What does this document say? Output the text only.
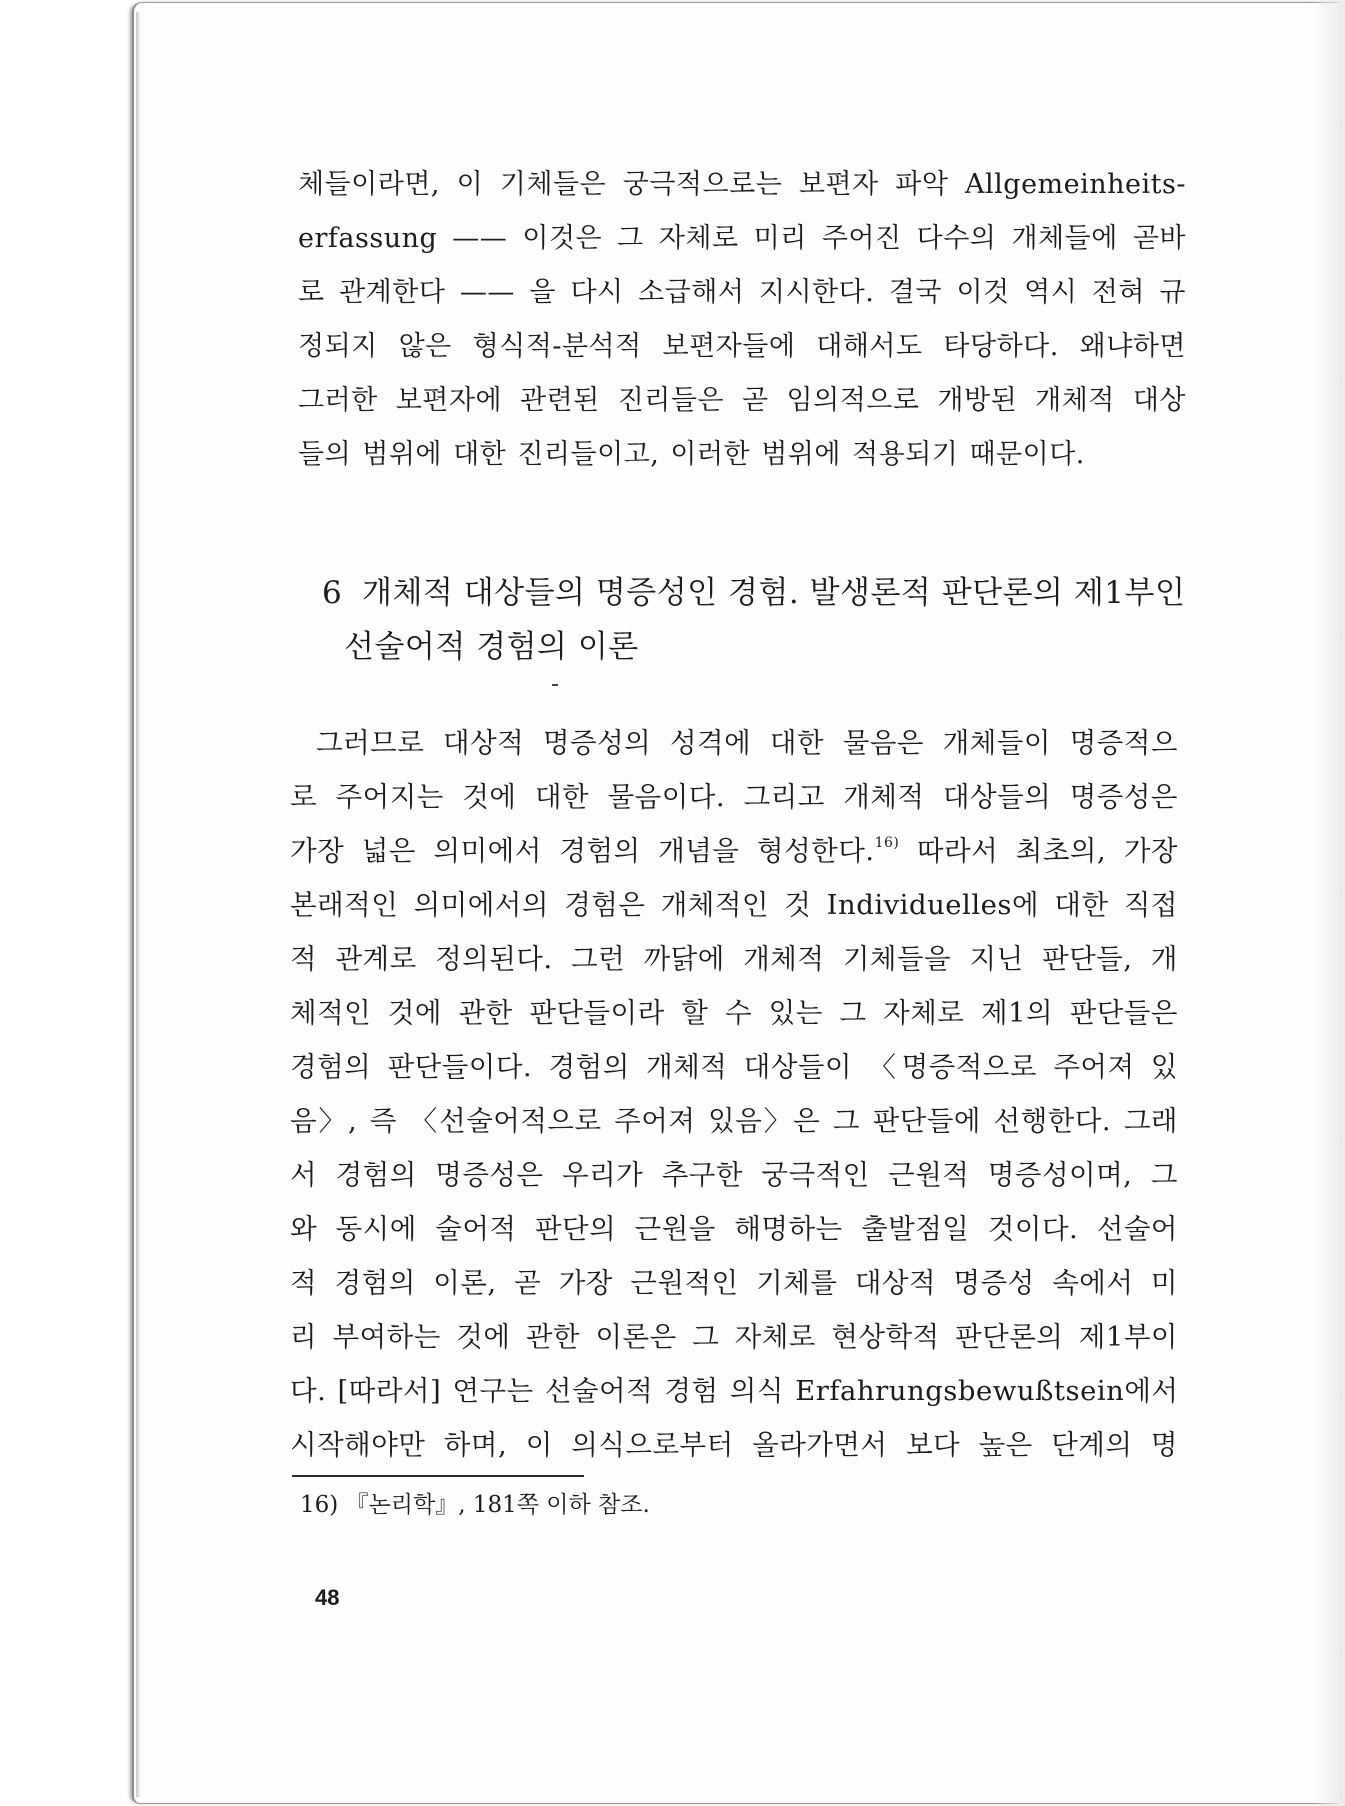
체들이라면, 이 기체들은 궁극적으로는 보편자 파악 Allgemeinheits-
erfassung —— 이것은 그 자체로 미리 주어진 다수의 개체들에 곧바
로 관계한다 —— 을 다시 소급해서 지시한다. 결국 이것 역시 전혀 규
정되지 않은 형식적-분석적 보편자들에 대해서도 타당하다. 왜냐하면
그러한 보편자에 관련된 진리들은 곧 임의적으로 개방된 개체적 대상
들의 범위에 대한 진리들이고, 이러한 범위에 적용되기 때문이다.
6 개체적 대상들의 명증성인 경험. 발생론적 판단론의 제1부인
선술어적 경험의 이론
그러므로 대상적 명증성의 성격에 대한 물음은 개체들이 명증적으
로 주어지는 것에 대한 물음이다. 그리고 개체적 대상들의 명증성은
가장 넓은 의미에서 경험의 개념을 형성한다.$^{16)}$ 따라서 최초의, 가장
본래적인 의미에서의 경험은 개체적인 것 Individuelles에 대한 직접
적 관계로 정의된다. 그런 까닭에 개체적 기체들을 지닌 판단들, 개
체적인 것에 관한 판단들이라 할 수 있는 그 자체로 제1의 판단들은
경험의 판단들이다. 경험의 개체적 대상들이 〈명증적으로 주어져 있
음〉, 즉 〈선술어적으로 주어져 있음〉은 그 판단들에 선행한다. 그래
서 경험의 명증성은 우리가 추구한 궁극적인 근원적 명증성이며, 그
와 동시에 술어적 판단의 근원을 해명하는 출발점일 것이다. 선술어
적 경험의 이론, 곧 가장 근원적인 기체를 대상적 명증성 속에서 미
리 부여하는 것에 관한 이론은 그 자체로 현상학적 판단론의 제1부이
다. [따라서] 연구는 선술어적 경험 의식 Erfahrungsbewußtsein에서
시작해야만 하며, 이 의식으로부터 올라가면서 보다 높은 단계의 명
16) 『논리학』, 181쪽 이하 참조.
48
